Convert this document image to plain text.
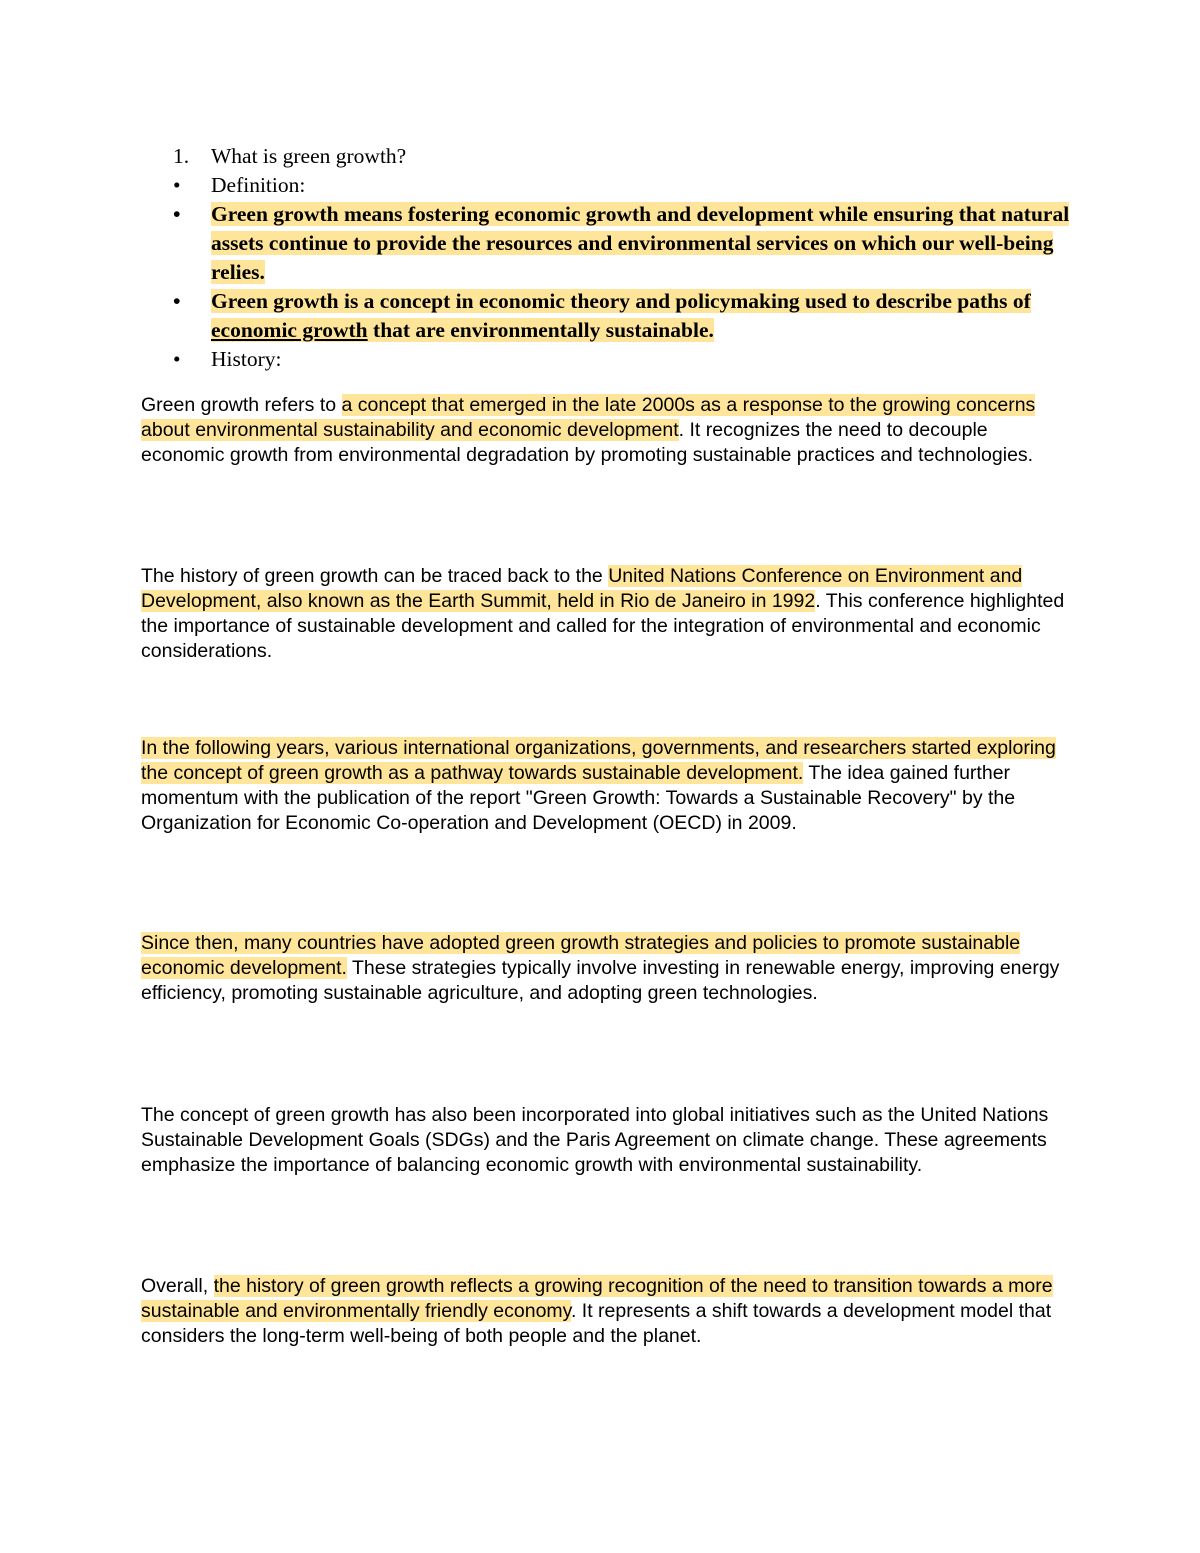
1. What is green growth?
• Definition:
• Green growth means fostering economic growth and development while ensuring that natural assets continue to provide the resources and environmental services on which our well-being relies.
• Green growth is a concept in economic theory and policymaking used to describe paths of economic growth that are environmentally sustainable.
• History:

Green growth refers to a concept that emerged in the late 2000s as a response to the growing concerns about environmental sustainability and economic development. It recognizes the need to decouple economic growth from environmental degradation by promoting sustainable practices and technologies.

The history of green growth can be traced back to the United Nations Conference on Environment and Development, also known as the Earth Summit, held in Rio de Janeiro in 1992. This conference highlighted the importance of sustainable development and called for the integration of environmental and economic considerations.

In the following years, various international organizations, governments, and researchers started exploring the concept of green growth as a pathway towards sustainable development. The idea gained further momentum with the publication of the report "Green Growth: Towards a Sustainable Recovery" by the Organization for Economic Co-operation and Development (OECD) in 2009.

Since then, many countries have adopted green growth strategies and policies to promote sustainable economic development. These strategies typically involve investing in renewable energy, improving energy efficiency, promoting sustainable agriculture, and adopting green technologies.

The concept of green growth has also been incorporated into global initiatives such as the United Nations Sustainable Development Goals (SDGs) and the Paris Agreement on climate change. These agreements emphasize the importance of balancing economic growth with environmental sustainability.

Overall, the history of green growth reflects a growing recognition of the need to transition towards a more sustainable and environmentally friendly economy. It represents a shift towards a development model that considers the long-term well-being of both people and the planet.
